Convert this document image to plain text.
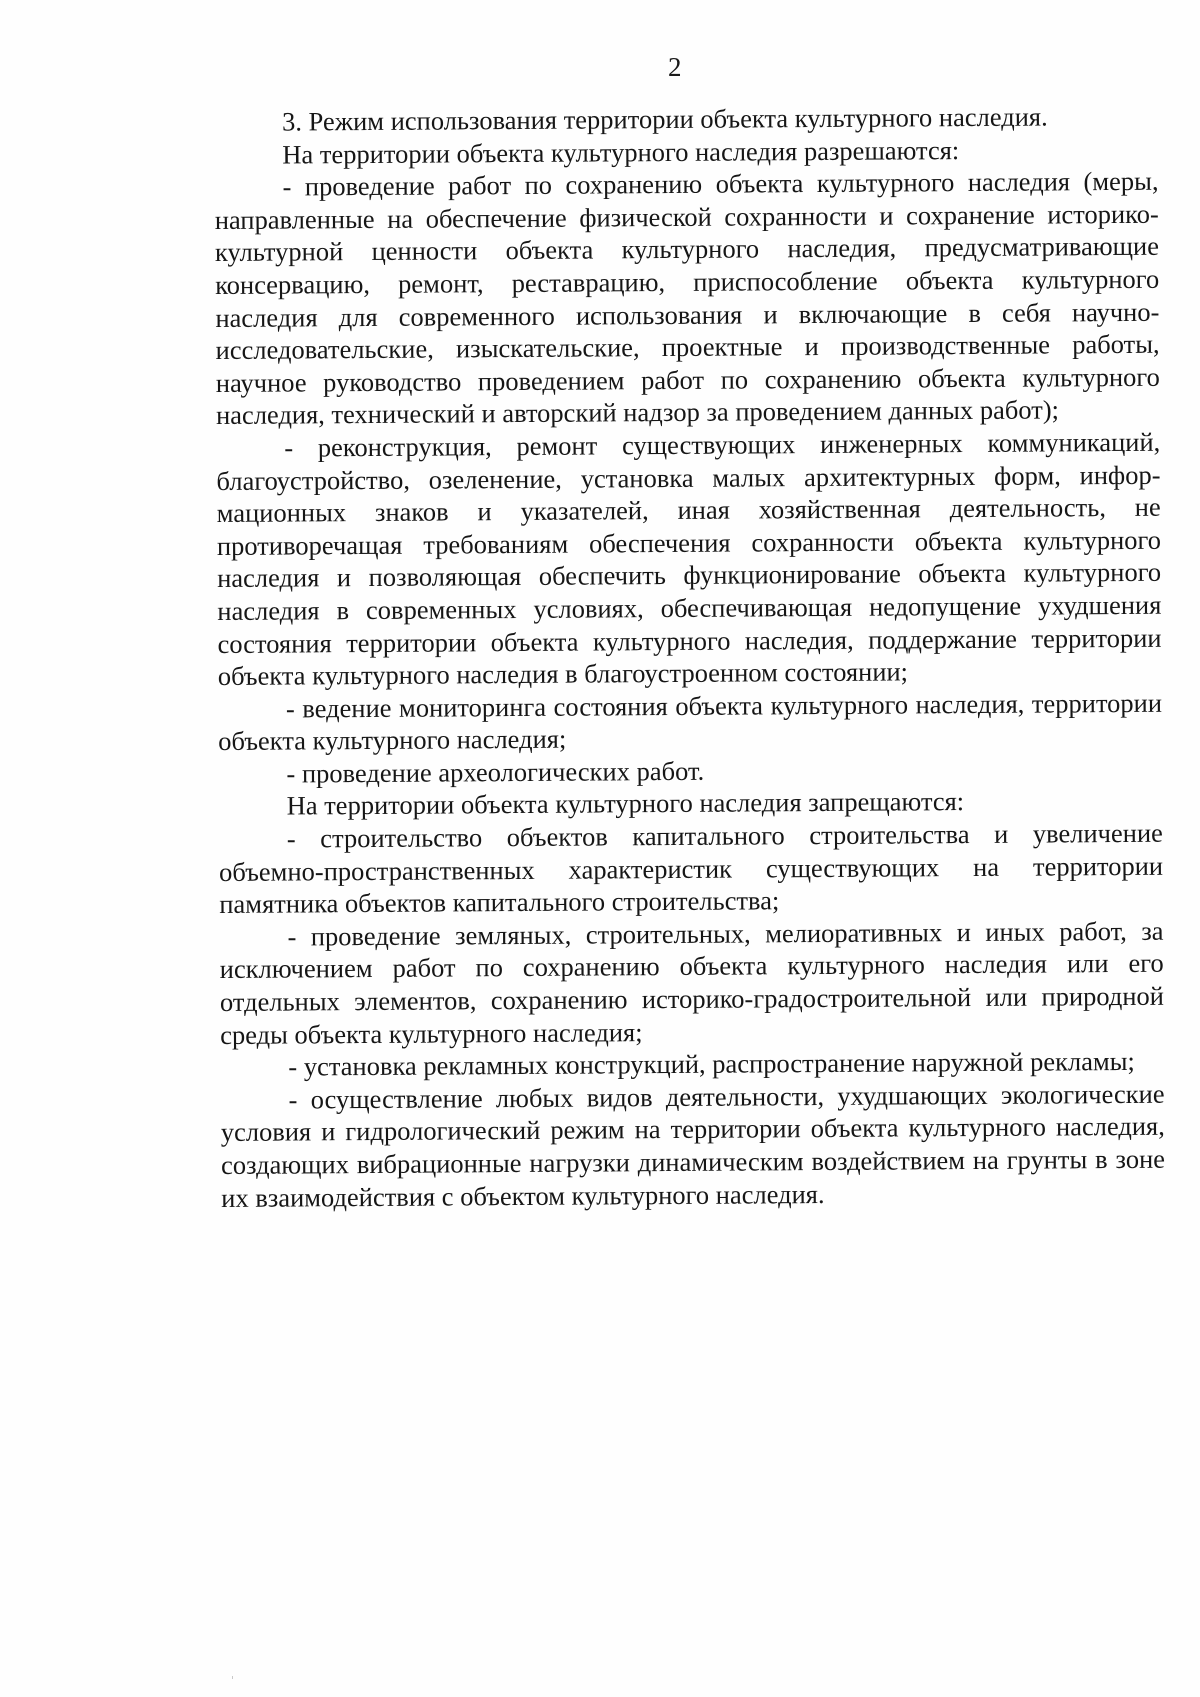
2

3. Режим использования территории объекта культурного наследия.

На территории объекта культурного наследия разрешаются:

- проведение работ по сохранению объекта культурного наследия (меры, направленные на обеспечение физической сохранности и сохранение историко-культурной ценности объекта культурного наследия, предусматривающие консервацию, ремонт, реставрацию, приспособление объекта культурного наследия для современного использования и включающие в себя научно-исследовательские, изыскательские, проектные и производственные работы, научное руководство проведением работ по сохранению объекта культурного наследия, технический и авторский надзор за проведением данных работ);

- реконструкция, ремонт существующих инженерных коммуникаций, благоустройство, озеленение, установка малых архитектурных форм, информационных знаков и указателей, иная хозяйственная деятельность, не противоречащая требованиям обеспечения сохранности объекта культурного наследия и позволяющая обеспечить функционирование объекта культурного наследия в современных условиях, обеспечивающая недопущение ухудшения состояния территории объекта культурного наследия, поддержание территории объекта культурного наследия в благоустроенном состоянии;

- ведение мониторинга состояния объекта культурного наследия, территории объекта культурного наследия;

- проведение археологических работ.

На территории объекта культурного наследия запрещаются:

- строительство объектов капитального строительства и увеличение объемно-пространственных характеристик существующих на территории памятника объектов капитального строительства;

- проведение земляных, строительных, мелиоративных и иных работ, за исключением работ по сохранению объекта культурного наследия или его отдельных элементов, сохранению историко-градостроительной или природной среды объекта культурного наследия;

- установка рекламных конструкций, распространение наружной рекламы;

- осуществление любых видов деятельности, ухудшающих экологические условия и гидрологический режим на территории объекта культурного наследия, создающих вибрационные нагрузки динамическим воздействием на грунты в зоне их взаимодействия с объектом культурного наследия.
